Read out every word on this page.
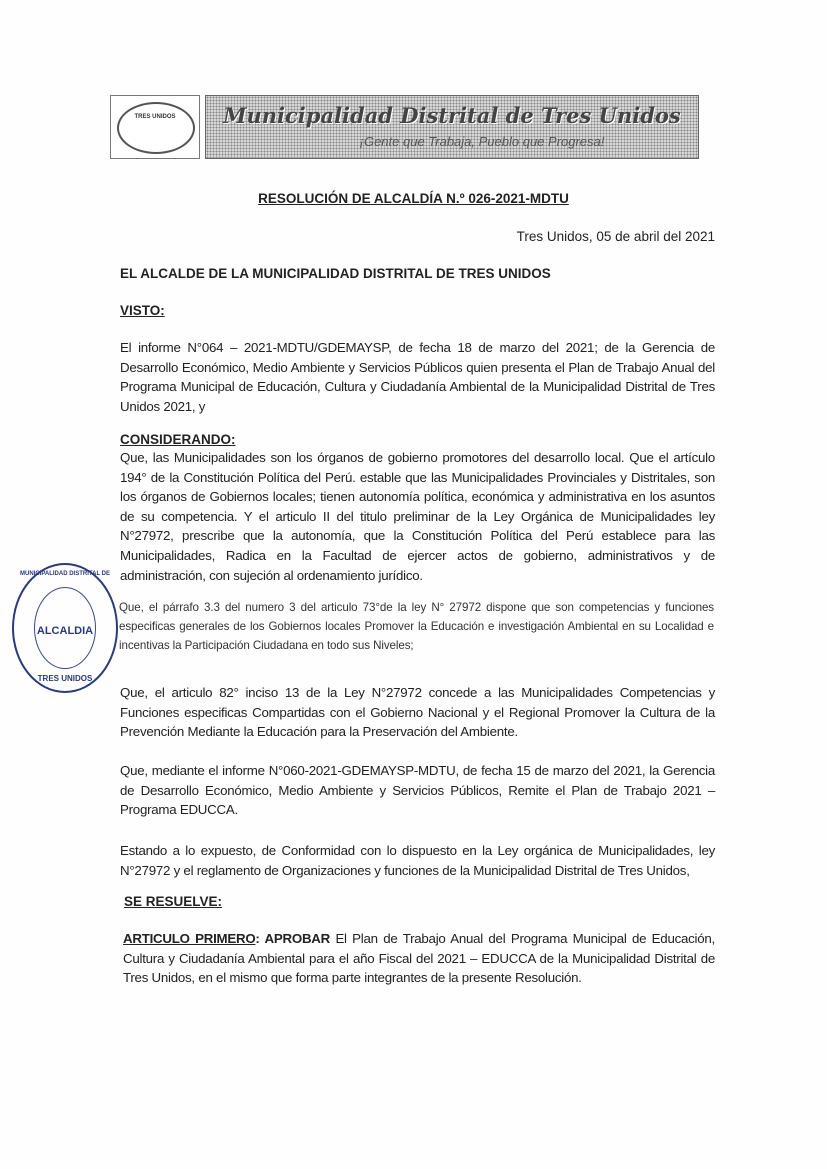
TRES UNIDOS	Municipalidad Distrital de Tres Unidos
¡Gente que Trabaja, Pueblo que Progresa!
RESOLUCIÓN DE ALCALDÍA N.º 026-2021-MDTU
Tres Unidos, 05 de abril del 2021
EL ALCALDE DE LA MUNICIPALIDAD DISTRITAL DE TRES UNIDOS
VISTO:
El informe N°064 – 2021-MDTU/GDEMAYSP, de fecha 18 de marzo del 2021; de la Gerencia de Desarrollo Económico, Medio Ambiente y Servicios Públicos quien presenta el Plan de Trabajo Anual del Programa Municipal de Educación, Cultura y Ciudadanía Ambiental de la Municipalidad Distrital de Tres Unidos 2021, y
CONSIDERANDO:
Que, las Municipalidades son los órganos de gobierno promotores del desarrollo local. Que el artículo 194° de la Constitución Política del Perú. estable que las Municipalidades Provinciales y Distritales, son los órganos de Gobiernos locales; tienen autonomía política, económica y administrativa en los asuntos de su competencia. Y el articulo II del titulo preliminar de la Ley Orgánica de Municipalidades ley N°27972, prescribe que la autonomía, que la Constitución Política del Perú establece para las Municipalidades, Radica en la Facultad de ejercer actos de gobierno, administrativos y de administración, con sujeción al ordenamiento jurídico.
MUNICIPALIDAD DISTRITAL DE
ALCALDIA
TRES UNIDOS
Que, el párrafo 3.3 del numero 3 del articulo 73°de la ley N° 27972 dispone que son competencias y funciones especificas generales de los Gobiernos locales Promover la Educación e investigación Ambiental en su Localidad e incentivas la Participación Ciudadana en todo sus Niveles;
Que, el articulo 82° inciso 13 de la Ley N°27972 concede a las Municipalidades Competencias y Funciones especificas Compartidas con el Gobierno Nacional y el Regional Promover la Cultura de la Prevención Mediante la Educación para la Preservación del Ambiente.
Que, mediante el informe N°060-2021-GDEMAYSP-MDTU, de fecha 15 de marzo del 2021, la Gerencia de Desarrollo Económico, Medio Ambiente y Servicios Públicos, Remite el Plan de Trabajo 2021 – Programa EDUCCA.
Estando a lo expuesto, de Conformidad con lo dispuesto en la Ley orgánica de Municipalidades, ley N°27972 y el reglamento de Organizaciones y funciones de la Municipalidad Distrital de Tres Unidos,
SE RESUELVE:
ARTICULO PRIMERO: APROBAR El Plan de Trabajo Anual del Programa Municipal de Educación, Cultura y Ciudadanía Ambiental para el año Fiscal del 2021 – EDUCCA de la Municipalidad Distrital de Tres Unidos, en el mismo que forma parte integrantes de la presente Resolución.
